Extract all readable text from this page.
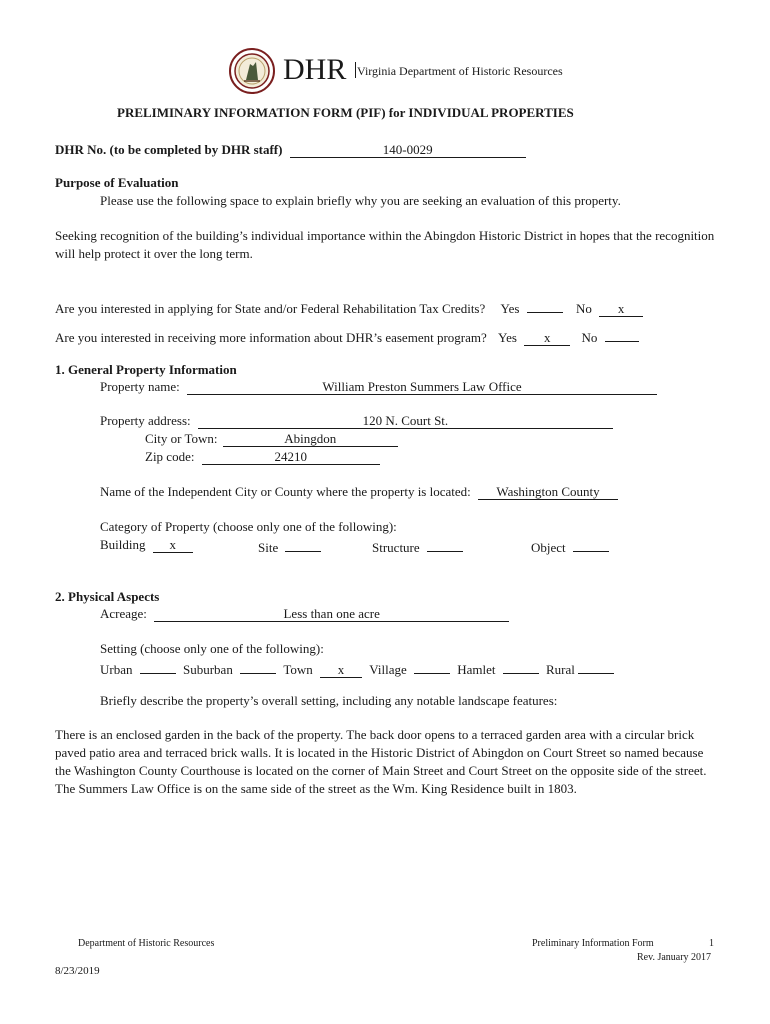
DHR Virginia Department of Historic Resources
PRELIMINARY INFORMATION FORM (PIF) for INDIVIDUAL PROPERTIES
DHR No. (to be completed by DHR staff)	140-0029
Purpose of Evaluation
Please use the following space to explain briefly why you are seeking an evaluation of this property.
Seeking recognition of the building’s individual importance within the Abingdon Historic District in hopes that the recognition will help protect it over the long term.
Are you interested in applying for State and/or Federal Rehabilitation Tax Credits? Yes	No x
Are you interested in receiving more information about DHR’s easement program? Yes x No
1. General Property Information
Property name:	William Preston Summers Law Office
Property address:	120 N. Court St.
City or Town:	Abingdon
Zip code:	24210
Name of the Independent City or County where the property is located: Washington County
Category of Property (choose only one of the following):
Building x	Site	Structure	Object
2. Physical Aspects
Acreage:	Less than one acre
Setting (choose only one of the following):
Urban	Suburban	Town x Village	Hamlet	Rural
Briefly describe the property’s overall setting, including any notable landscape features:
There is an enclosed garden in the back of the property. The back door opens to a terraced garden area with a circular brick paved patio area and terraced brick walls. It is located in the Historic District of Abingdon on Court Street so named because the Washington County Courthouse is located on the corner of Main Street and Court Street on the opposite side of the street. The Summers Law Office is on the same side of the street as the Wm. King Residence built in 1803.
Department of Historic Resources	Preliminary Information Form	1
Rev. January 2017
8/23/2019
